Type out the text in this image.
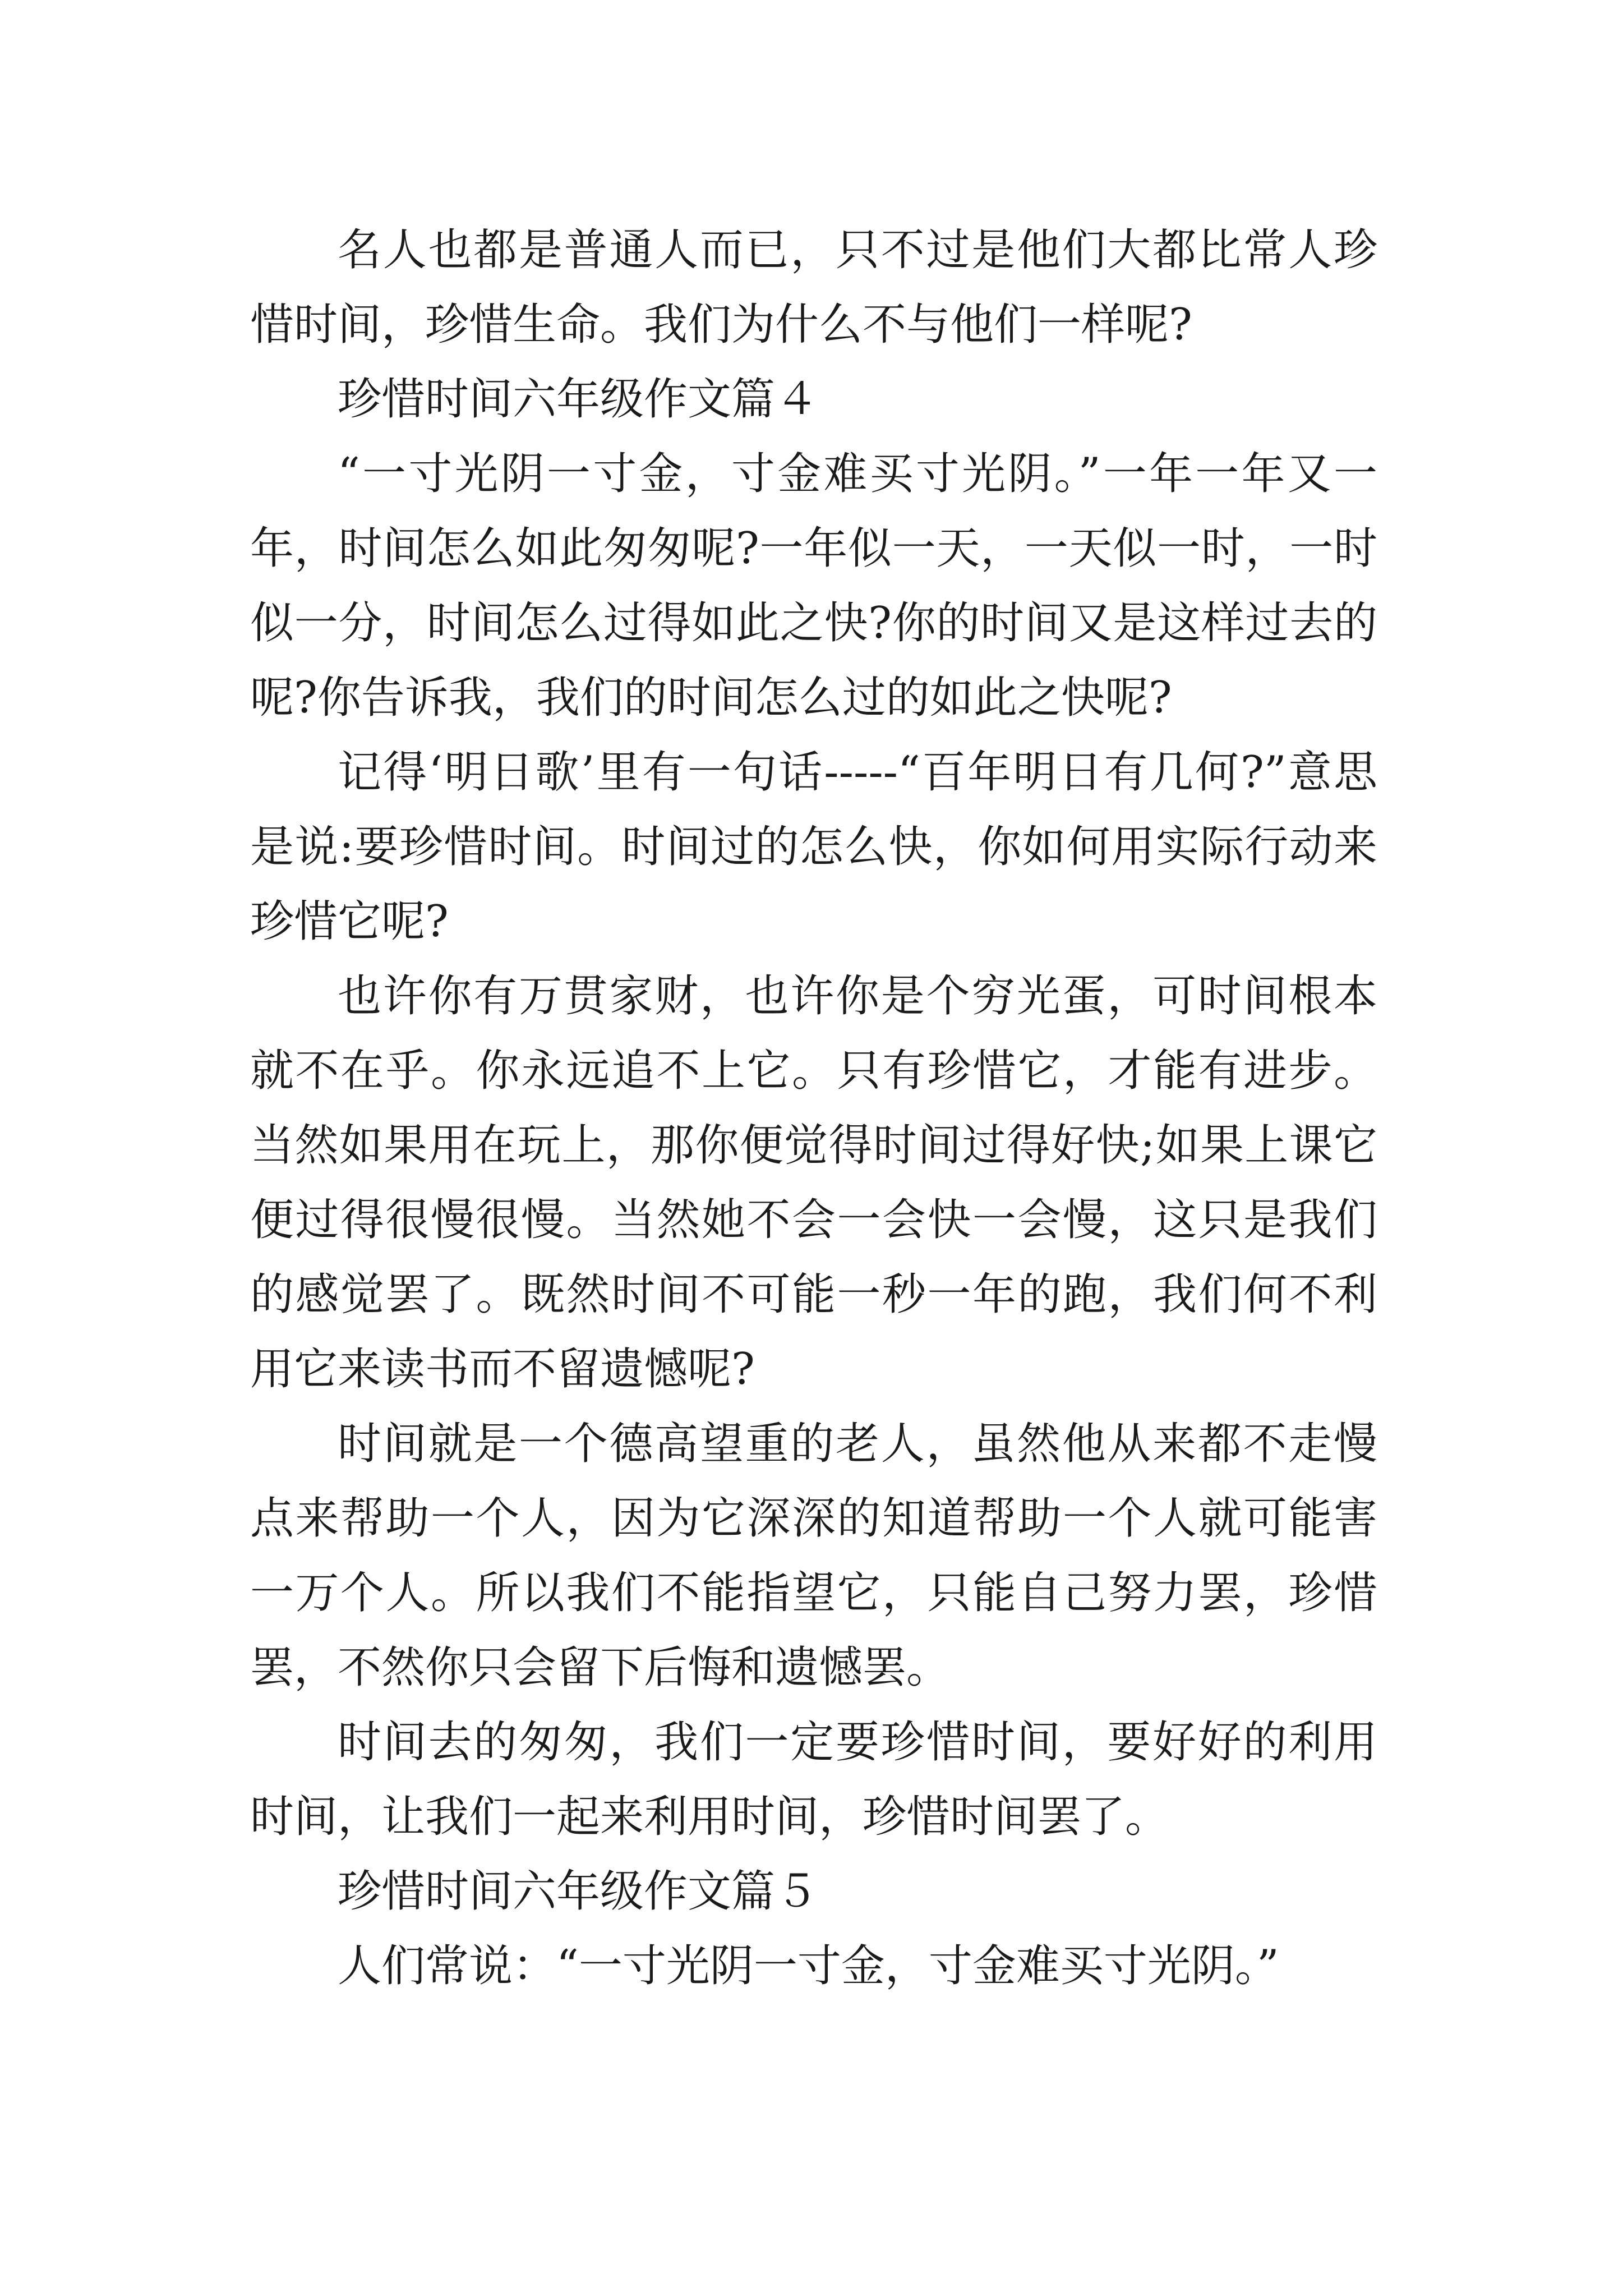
名人也都是普通人而已，只不过是他们大都比常人珍惜时间，珍惜生命。我们为什么不与他们一样呢?

珍惜时间六年级作文篇４

“一寸光阴一寸金，寸金难买寸光阴。”一年一年又一年，时间怎么如此匆匆呢?一年似一天，一天似一时，一时似一分，时间怎么过得如此之快?你的时间又是这样过去的呢?你告诉我，我们的时间怎么过的如此之快呢?

记得‘明日歌’里有一句话-----“百年明日有几何?”意思是说:要珍惜时间。时间过的怎么快，你如何用实际行动来珍惜它呢?

也许你有万贯家财，也许你是个穷光蛋，可时间根本就不在乎。你永远追不上它。只有珍惜它，才能有进步。当然如果用在玩上，那你便觉得时间过得好快;如果上课它便过得很慢很慢。当然她不会一会快一会慢，这只是我们的感觉罢了。既然时间不可能一秒一年的跑，我们何不利用它来读书而不留遗憾呢?

时间就是一个德高望重的老人，虽然他从来都不走慢点来帮助一个人，因为它深深的知道帮助一个人就可能害一万个人。所以我们不能指望它，只能自己努力罢，珍惜罢，不然你只会留下后悔和遗憾罢。

时间去的匆匆，我们一定要珍惜时间，要好好的利用时间，让我们一起来利用时间，珍惜时间罢了。

珍惜时间六年级作文篇５

人们常说：“一寸光阴一寸金，寸金难买寸光阴。”
